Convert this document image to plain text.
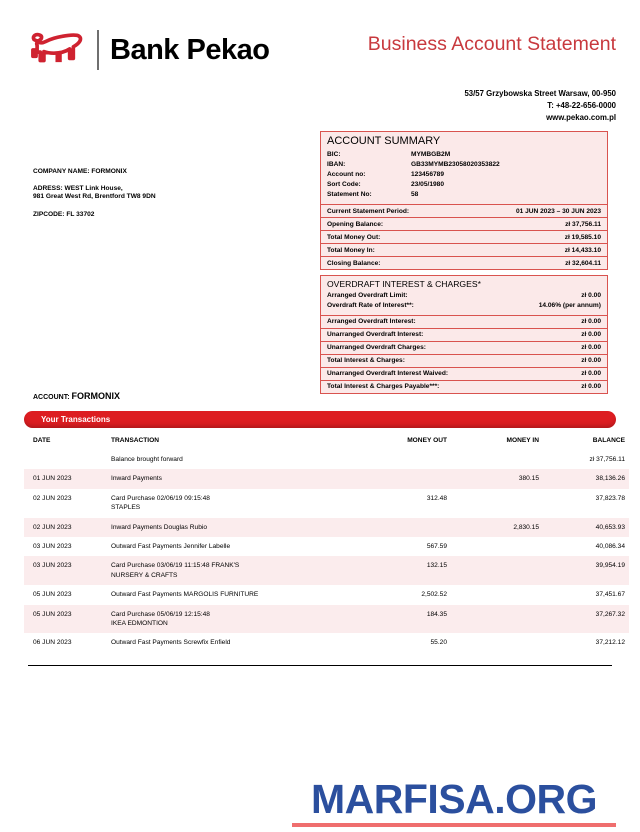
Bank Pekao	Business Account Statement
53/57 Grzybowska Street Warsaw, 00-950
T: +48-22-656-0000
www.pekao.com.pl
COMPANY NAME: FORMONIX
ADRESS: WEST Link House,
981 Great West Rd, Brentford TW8 9DN
ZIPCODE: FL 33702
ACCOUNT SUMMARY
BIC:	MYMBGB2M
IBAN:	GB33MYMB23058020353822
Account no:	123456789
Sort Code:	23/05/1980
Statement No:	58
Current Statement Period:	01 JUN 2023 – 30 JUN 2023
Opening Balance:	zł 37,756.11
Total Money Out:	zł 19,585.10
Total Money In:	zł 14,433.10
Closing Balance:	zł 32,604.11
OVERDRAFT INTEREST & CHARGES*
Arranged Overdraft Limit:	zł 0.00
Overdraft Rate of Interest**:	14.06% (per annum)
Arranged Overdraft Interest:	zł 0.00
Unarranged Overdraft Interest:	zł 0.00
Unarranged Overdraft Charges:	zł 0.00
Total Interest & Charges:	zł 0.00
Unarranged Overdraft Interest Waived:	zł 0.00
Total Interest & Charges Payable***:	zł 0.00
ACCOUNT: FORMONIX
Your Transactions
DATE	TRANSACTION	MONEY OUT	MONEY IN	BALANCE
	Balance brought forward			zł 37,756.11
01 JUN 2023	Inward Payments		380.15	38,136.26
02 JUN 2023	Card Purchase 02/06/19 09:15:48
STAPLES	312.48		37,823.78
02 JUN 2023	Inward Payments Douglas Rubio		2,830.15	40,653.93
03 JUN 2023	Outward Fast Payments Jennifer Labelle	567.59		40,086.34
03 JUN 2023	Card Purchase 03/06/19 11:15:48 FRANK'S
NURSERY & CRAFTS	132.15		39,954.19
05 JUN 2023	Outward Fast Payments MARGOLIS FURNITURE	2,502.52		37,451.67
05 JUN 2023	Card Purchase 05/06/19 12:15:48
IKEA EDMONTION	184.35		37,267.32
06 JUN 2023	Outward Fast Payments Screwfix Enfield	55.20		37,212.12
MARFISA.ORG
